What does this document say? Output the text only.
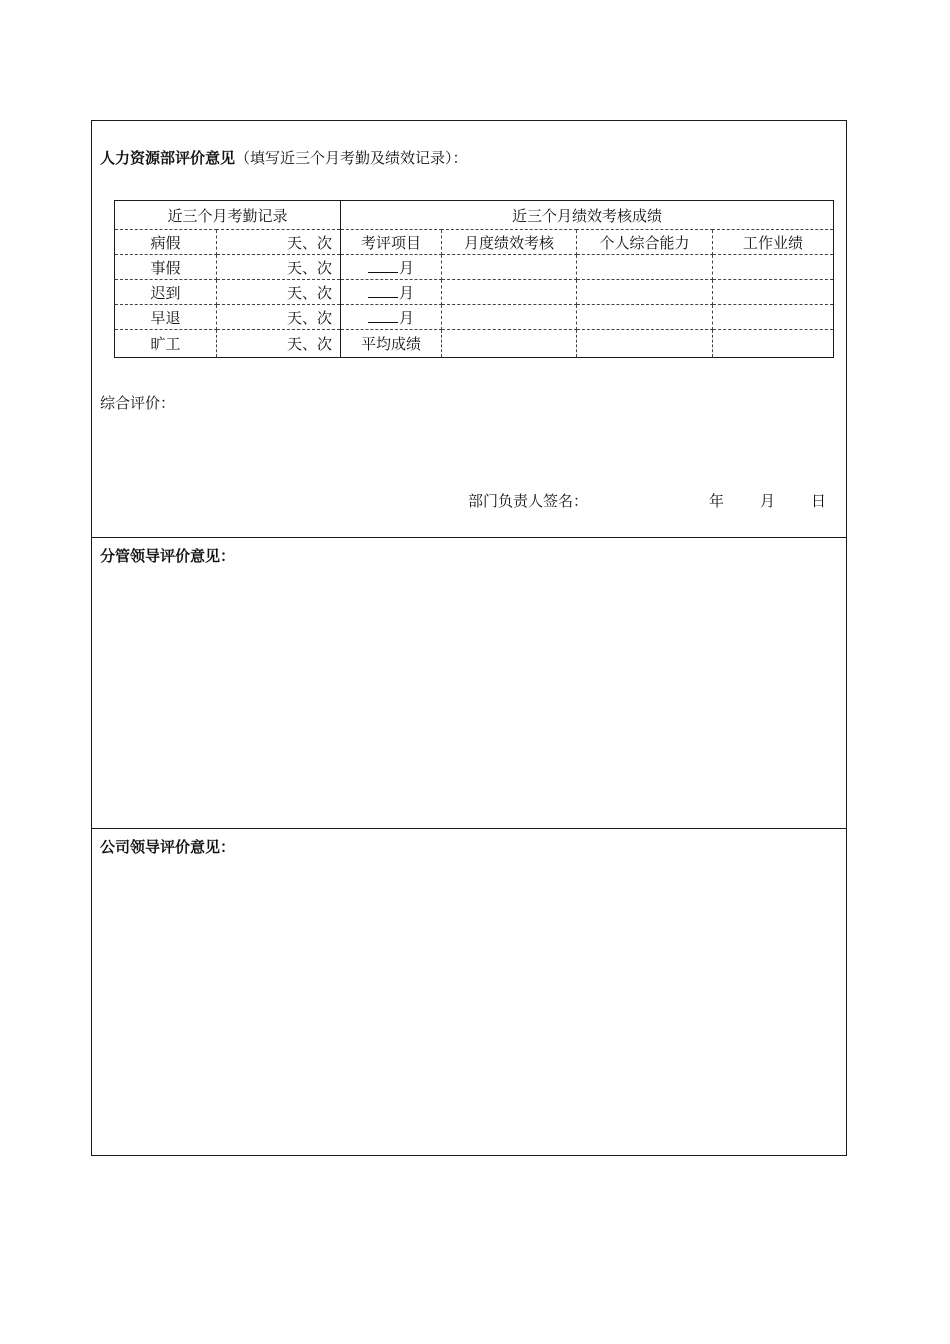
人力资源部评价意见（填写近三个月考勤及绩效记录）：
近三个月考勤记录		近三个月绩效考核成绩			
病假	天、次	考评项目	月度绩效考核	个人综合能力	工作业绩
事假	天、次	月			
迟到	天、次	月			
早退	天、次	月			
旷工	天、次	平均成绩			
综合评价：
部门负责人签名：	年 月 日
分管领导评价意见：
公司领导评价意见：
